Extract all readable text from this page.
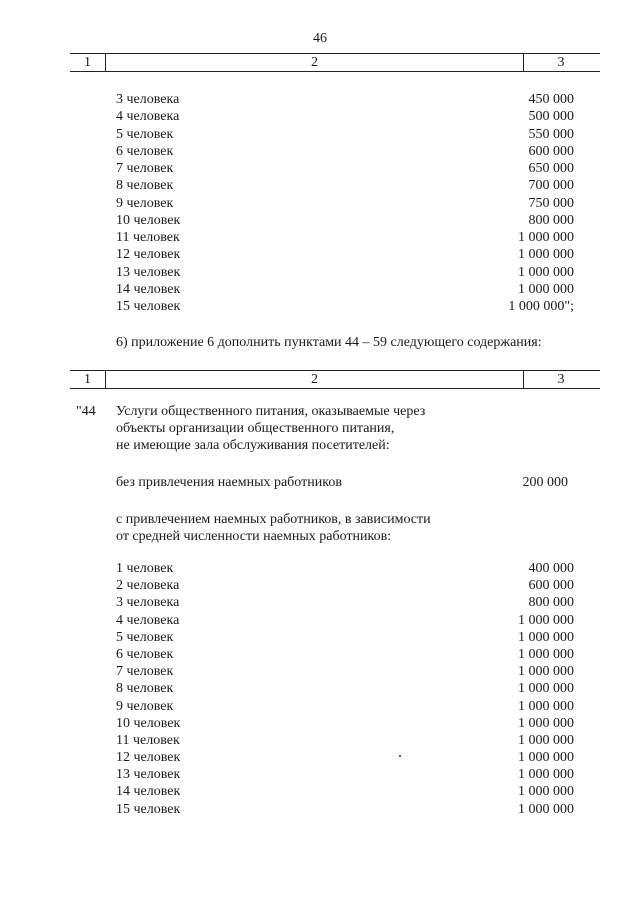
46
1	2	3
3 человека	450 000
4 человека	500 000
5 человек	550 000
6 человек	600 000
7 человек	650 000
8 человек	700 000
9 человек	750 000
10 человек	800 000
11 человек	1 000 000
12 человек	1 000 000
13 человек	1 000 000
14 человек	1 000 000
15 человек	1 000 000";
6) приложение 6 дополнить пунктами 44 – 59 следующего содержания:
1	2	3
"44 Услуги общественного питания, оказываемые через
объекты организации общественного питания,
не имеющие зала обслуживания посетителей:
без привлечения наемных работников	200 000
с привлечением наемных работников, в зависимости
от средней численности наемных работников:
1 человек	400 000
2 человека	600 000
3 человека	800 000
4 человека	1 000 000
5 человек	1 000 000
6 человек	1 000 000
7 человек	1 000 000
8 человек	1 000 000
9 человек	1 000 000
10 человек	1 000 000
11 человек	1 000 000
12 человек	1 000 000
13 человек	1 000 000
14 человек	1 000 000
15 человек	1 000 000
